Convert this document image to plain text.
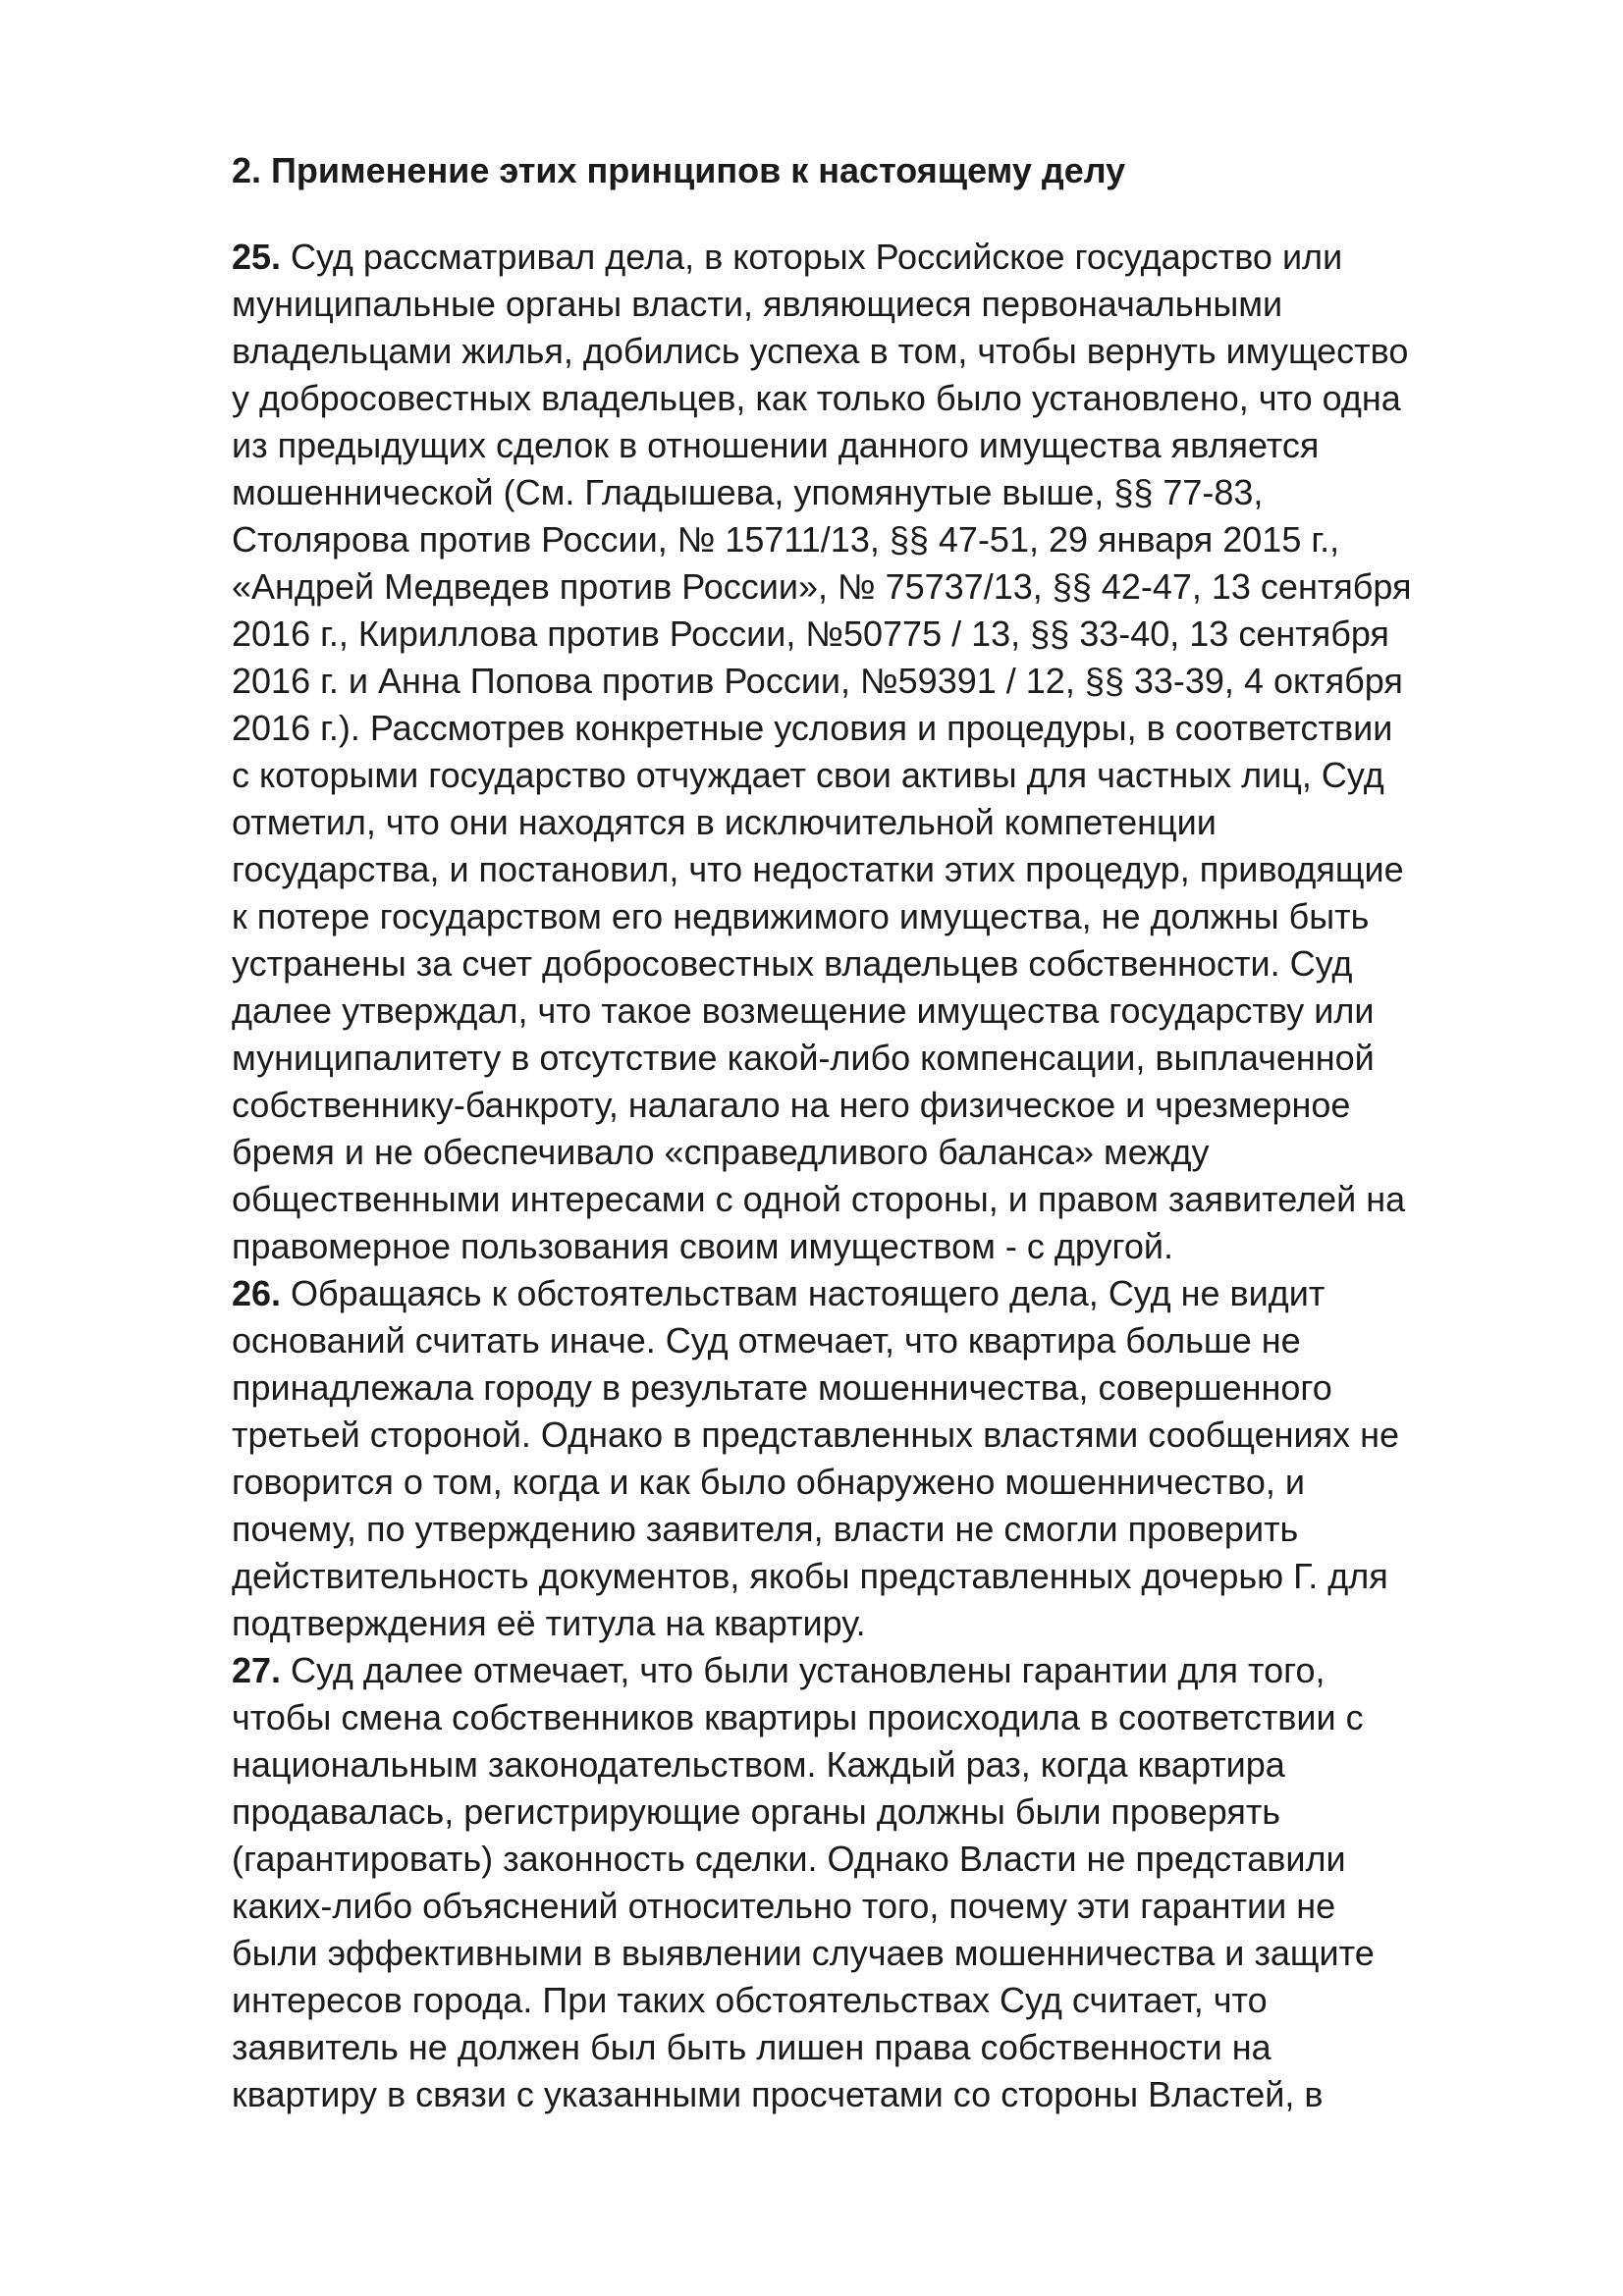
2. Применение этих принципов к настоящему делу
25. Суд рассматривал дела, в которых Российское государство или
муниципальные органы власти, являющиеся первоначальными
владельцами жилья, добились успеха в том, чтобы вернуть имущество
у добросовестных владельцев, как только было установлено, что одна
из предыдущих сделок в отношении данного имущества является
мошеннической (См. Гладышева, упомянутые выше, §§ 77-83,
Столярова против России, № 15711/13, §§ 47-51, 29 января 2015 г.,
«Андрей Медведев против России», № 75737/13, §§ 42-47, 13 сентября
2016 г., Кириллова против России, №50775 / 13, §§ 33-40, 13 сентября
2016 г. и Анна Попова против России, №59391 / 12, §§ 33-39, 4 октября
2016 г.). Рассмотрев конкретные условия и процедуры, в соответствии
с которыми государство отчуждает свои активы для частных лиц, Суд
отметил, что они находятся в исключительной компетенции
государства, и постановил, что недостатки этих процедур, приводящие
к потере государством его недвижимого имущества, не должны быть
устранены за счет добросовестных владельцев собственности. Суд
далее утверждал, что такое возмещение имущества государству или
муниципалитету в отсутствие какой-либо компенсации, выплаченной
собственнику-банкроту, налагало на него физическое и чрезмерное
бремя и не обеспечивало «справедливого баланса» между
общественными интересами с одной стороны, и правом заявителей на
правомерное пользования своим имуществом - с другой.
26. Обращаясь к обстоятельствам настоящего дела, Суд не видит
оснований считать иначе. Суд отмечает, что квартира больше не
принадлежала городу в результате мошенничества, совершенного
третьей стороной. Однако в представленных властями сообщениях не
говорится о том, когда и как было обнаружено мошенничество, и
почему, по утверждению заявителя, власти не смогли проверить
действительность документов, якобы представленных дочерью Г. для
подтверждения её титула на квартиру.
27. Суд далее отмечает, что были установлены гарантии для того,
чтобы смена собственников квартиры происходила в соответствии с
национальным законодательством. Каждый раз, когда квартира
продавалась, регистрирующие органы должны были проверять
(гарантировать) законность сделки. Однако Власти не представили
каких-либо объяснений относительно того, почему эти гарантии не
были эффективными в выявлении случаев мошенничества и защите
интересов города. При таких обстоятельствах Суд считает, что
заявитель не должен был быть лишен права собственности на
квартиру в связи с указанными просчетами со стороны Властей, в
